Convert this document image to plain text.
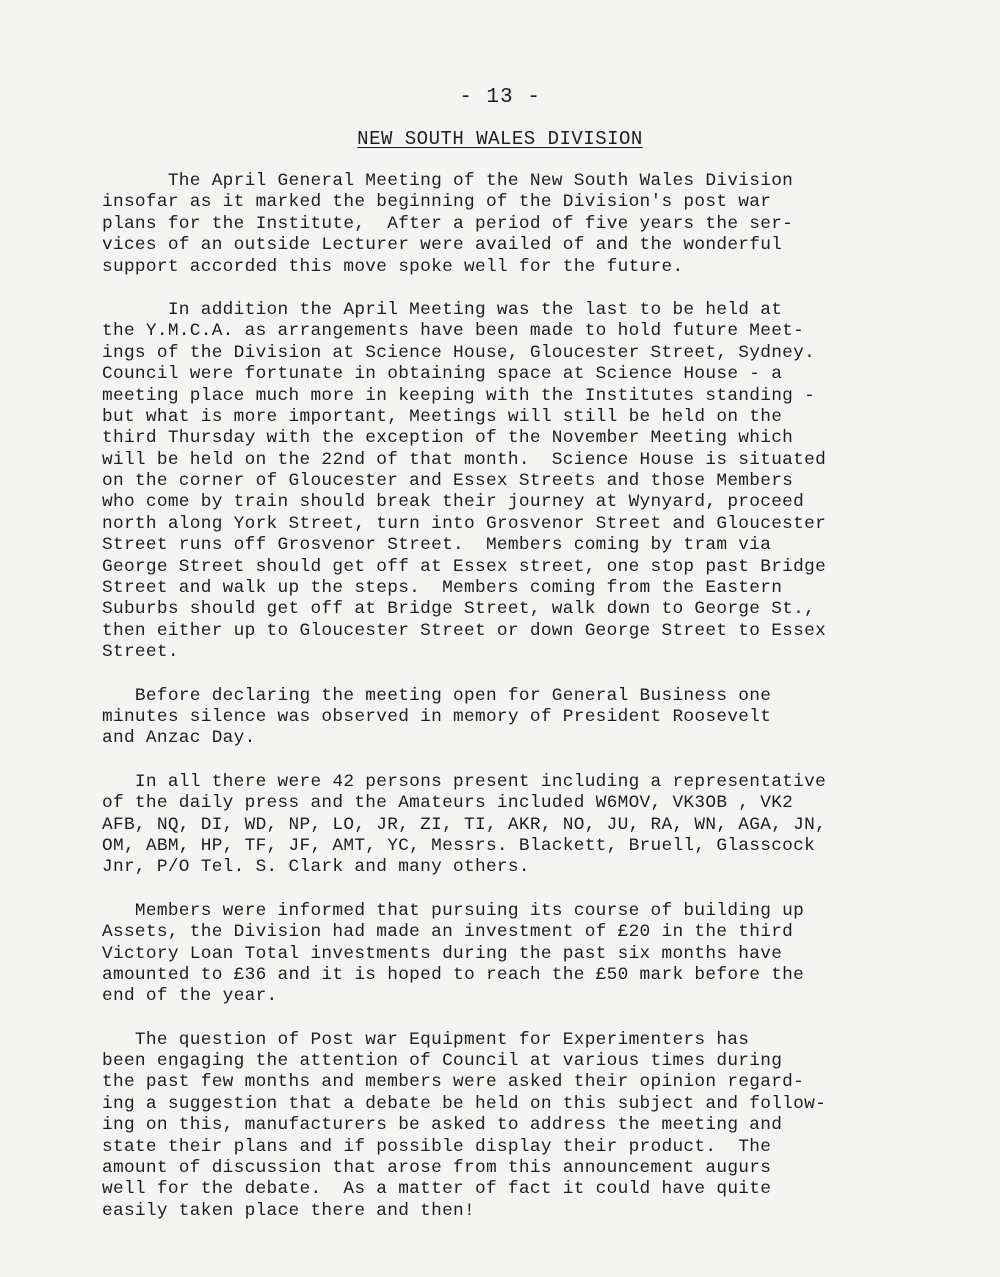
- 13 -
NEW SOUTH WALES DIVISION
The April General Meeting of the New South Wales Division
insofar as it marked the beginning of the Division's post war
plans for the Institute,  After a period of five years the ser-
vices of an outside Lecturer were availed of and the wonderful
support accorded this move spoke well for the future.
In addition the April Meeting was the last to be held at
the Y.M.C.A. as arrangements have been made to hold future Meet-
ings of the Division at Science House, Gloucester Street, Sydney.
Council were fortunate in obtaining space at Science House - a
meeting place much more in keeping with the Institutes standing -
but what is more important, Meetings will still be held on the
third Thursday with the exception of the November Meeting which
will be held on the 22nd of that month.  Science House is situated
on the corner of Gloucester and Essex Streets and those Members
who come by train should break their journey at Wynyard, proceed
north along York Street, turn into Grosvenor Street and Gloucester
Street runs off Grosvenor Street.  Members coming by tram via
George Street should get off at Essex street, one stop past Bridge
Street and walk up the steps.  Members coming from the Eastern
Suburbs should get off at Bridge Street, walk down to George St.,
then either up to Gloucester Street or down George Street to Essex
Street.
Before declaring the meeting open for General Business one
minutes silence was observed in memory of President Roosevelt
and Anzac Day.
In all there were 42 persons present including a representative
of the daily press and the Amateurs included W6MOV, VK3OB , VK2
AFB, NQ, DI, WD, NP, LO, JR, ZI, TI, AKR, NO, JU, RA, WN, AGA, JN,
OM, ABM, HP, TF, JF, AMT, YC, Messrs. Blackett, Bruell, Glasscock
Jnr, P/O Tel. S. Clark and many others.
Members were informed that pursuing its course of building up
Assets, the Division had made an investment of £20 in the third
Victory Loan Total investments during the past six months have
amounted to £36 and it is hoped to reach the £50 mark before the
end of the year.
The question of Post war Equipment for Experimenters has
been engaging the attention of Council at various times during
the past few months and members were asked their opinion regard-
ing a suggestion that a debate be held on this subject and follow-
ing on this, manufacturers be asked to address the meeting and
state their plans and if possible display their product.  The
amount of discussion that arose from this announcement augurs
well for the debate.  As a matter of fact it could have quite
easily taken place there and then!
